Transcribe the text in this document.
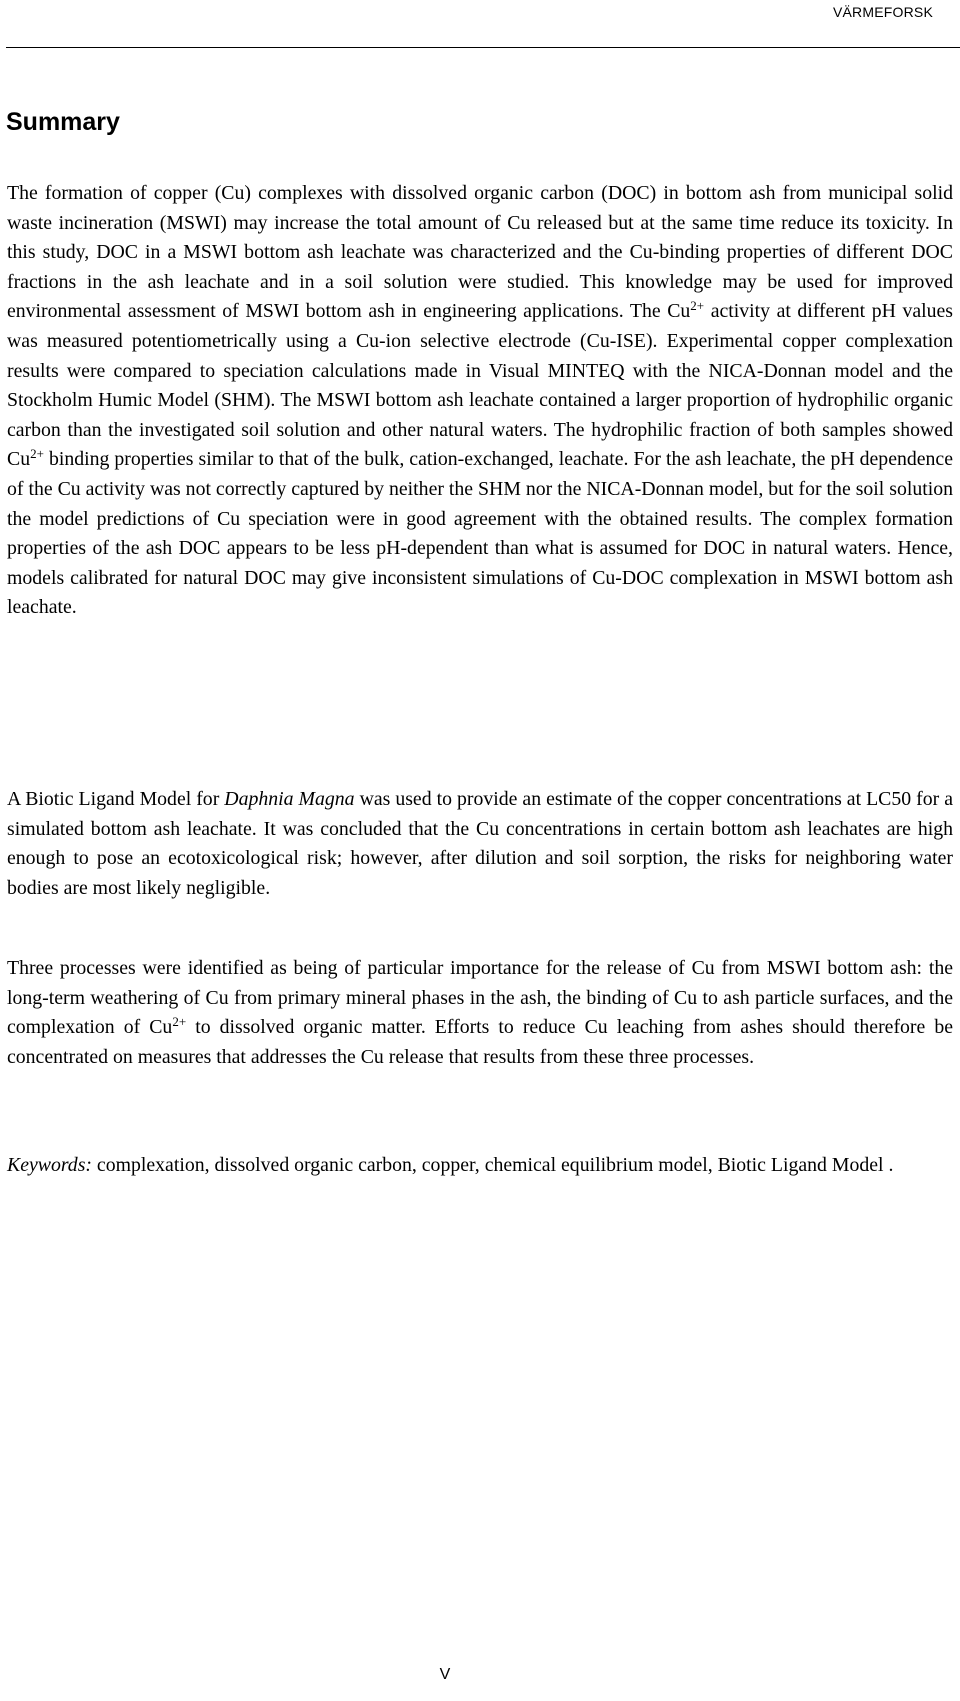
VÄRMEFORSK
Summary

The formation of copper (Cu) complexes with dissolved organic carbon (DOC) in bottom ash from municipal solid waste incineration (MSWI) may increase the total amount of Cu released but at the same time reduce its toxicity. In this study, DOC in a MSWI bottom ash leachate was characterized and the Cu-binding properties of different DOC fractions in the ash leachate and in a soil solution were studied. This knowledge may be used for improved environmental assessment of MSWI bottom ash in engineering applications. The $Cu^{2+}$ activity at different pH values was measured potentiometrically using a Cu-ion selective electrode (Cu-ISE). Experimental copper complexation results were compared to speciation calculations made in Visual MINTEQ with the NICA-Donnan model and the Stockholm Humic Model (SHM). The MSWI bottom ash leachate contained a larger proportion of hydrophilic organic carbon than the investigated soil solution and other natural waters. The hydrophilic fraction of both samples showed $Cu^{2+}$ binding properties similar to that of the bulk, cation-exchanged, leachate. For the ash leachate, the pH dependence of the Cu activity was not correctly captured by neither the SHM nor the NICA-Donnan model, but for the soil solution the model predictions of Cu speciation were in good agreement with the obtained results. The complex formation properties of the ash DOC appears to be less pH-dependent than what is assumed for DOC in natural waters. Hence, models calibrated for natural DOC may give inconsistent simulations of Cu-DOC complexation in MSWI bottom ash leachate.

A Biotic Ligand Model for Daphnia Magna was used to provide an estimate of the copper concentrations at LC50 for a simulated bottom ash leachate. It was concluded that the Cu concentrations in certain bottom ash leachates are high enough to pose an ecotoxicological risk; however, after dilution and soil sorption, the risks for neighboring water bodies are most likely negligible.

Three processes were identified as being of particular importance for the release of Cu from MSWI bottom ash: the long-term weathering of Cu from primary mineral phases in the ash, the binding of Cu to ash particle surfaces, and the complexation of $Cu^{2+}$ to dissolved organic matter. Efforts to reduce Cu leaching from ashes should therefore be concentrated on measures that addresses the Cu release that results from these three processes.

Keywords: complexation, dissolved organic carbon, copper, chemical equilibrium model, Biotic Ligand Model .

V
